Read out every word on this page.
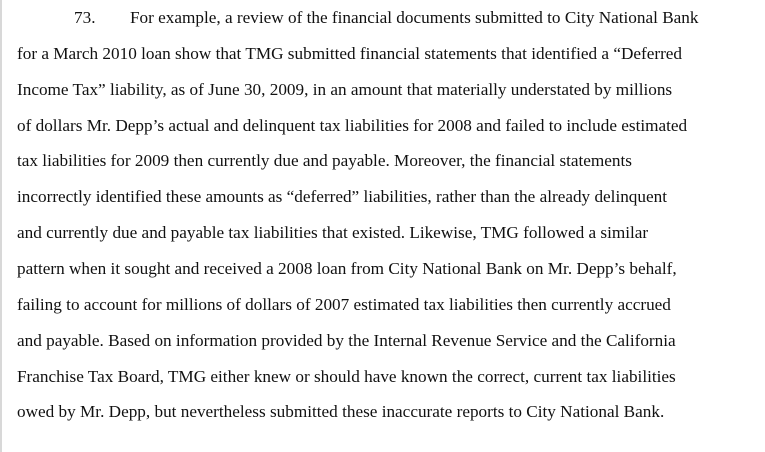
73. For example, a review of the financial documents submitted to City National Bank
for a March 2010 loan show that TMG submitted financial statements that identified a “Deferred
Income Tax” liability, as of June 30, 2009, in an amount that materially understated by millions
of dollars Mr. Depp’s actual and delinquent tax liabilities for 2008 and failed to include estimated
tax liabilities for 2009 then currently due and payable. Moreover, the financial statements
incorrectly identified these amounts as “deferred” liabilities, rather than the already delinquent
and currently due and payable tax liabilities that existed. Likewise, TMG followed a similar
pattern when it sought and received a 2008 loan from City National Bank on Mr. Depp’s behalf,
failing to account for millions of dollars of 2007 estimated tax liabilities then currently accrued
and payable. Based on information provided by the Internal Revenue Service and the California
Franchise Tax Board, TMG either knew or should have known the correct, current tax liabilities
owed by Mr. Depp, but nevertheless submitted these inaccurate reports to City National Bank.
